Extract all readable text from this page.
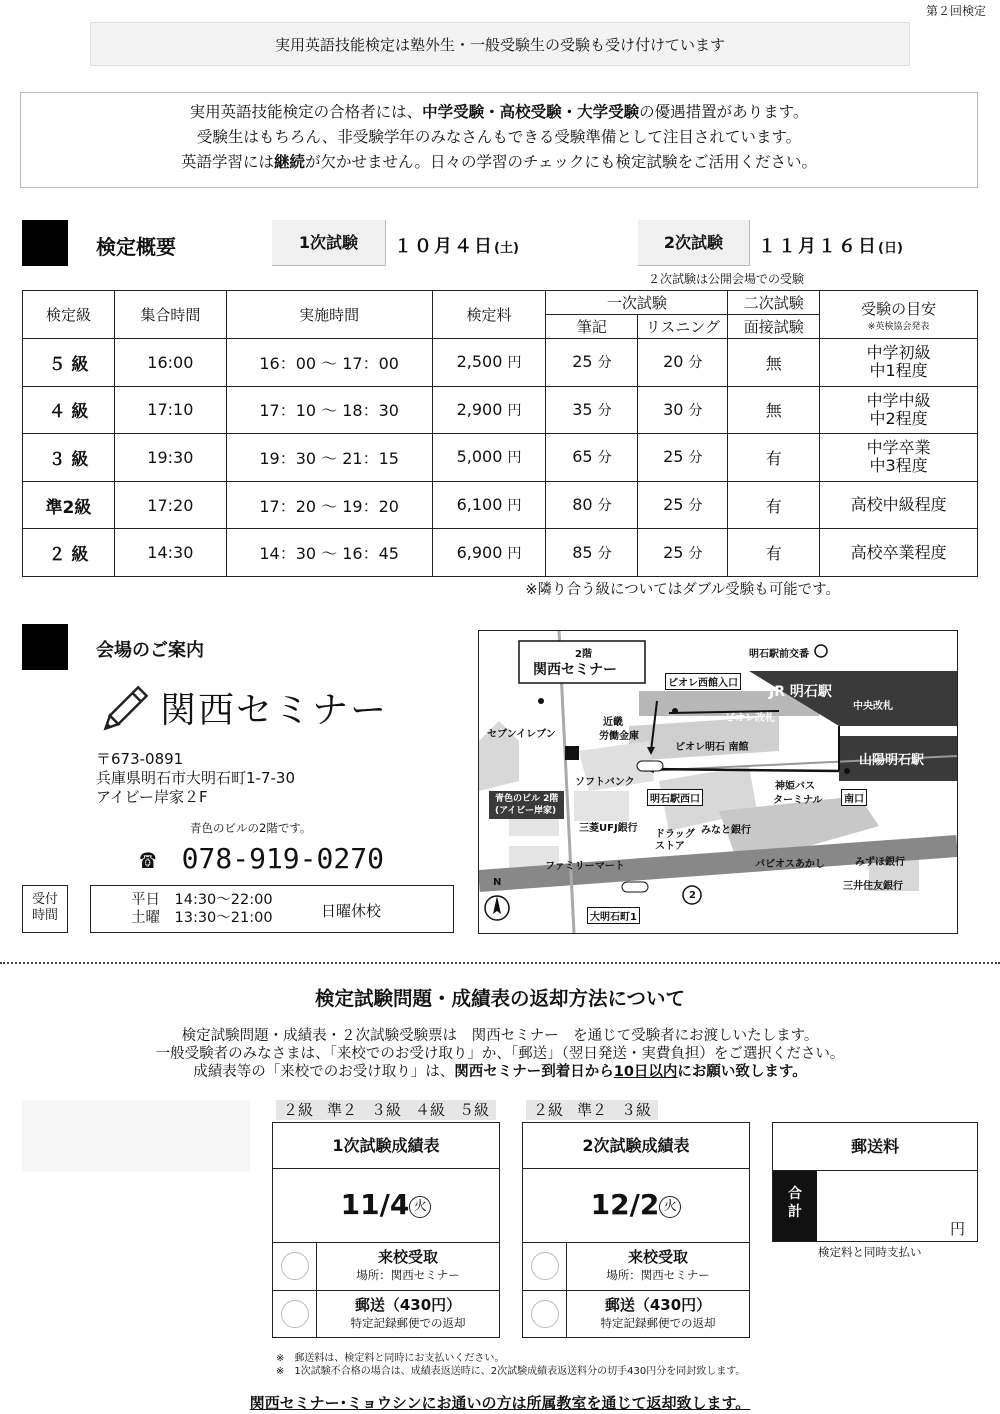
第２回検定
実用英語技能検定は塾外生・一般受験生の受験も受け付けています
実用英語技能検定の合格者には、中学受験・高校受験・大学受験の優遇措置があります。
受験生はもちろん、非受験学年のみなさんもできる受験準備として注目されています。
英語学習には継続が欠かせません。日々の学習のチェックにも検定試験をご活用ください。
検定概要	1次試験	１０月４日(土)	2次試験	１１月１６日(日)
２次試験は公開会場での受験
検定級	集合時間	実施時間	検定料	一次試験		二次試験	受験の目安
※英検協会発表

				筆記	リスニング	面接試験	
５ 級	16:00	16：00 ～ 17：00	2,500 円	25 分	20 分	無	中学初級
中1程度

４ 級	17:10	17：10 ～ 18：30	2,900 円	35 分	30 分	無	中学中級
中2程度

３ 級	19:30	19：30 ～ 21：15	5,000 円	65 分	25 分	有	中学卒業
中3程度

準2級	17:20	17：20 ～ 19：20	6,100 円	80 分	25 分	有	高校中級程度

２ 級	14:30	14：30 ～ 16：45	6,900 円	85 分	25 分	有	高校卒業程度
※隣り合う級についてはダブル受験も可能です。
会場のご案内
関西セミナー
〒673-0891
兵庫県明石市大明石町1-7-30
アイビー岸家２F
青色のビルの2階です。
☎ 078-919-0270
受付
時間
平日　14:30～22:00
土曜　13:30～21:00	日曜休校
2階
関西セミナー
明石駅前交番
ピオレ西館入口
JR 明石駅
セブンイレブン
近畿
労働金庫
ピオレ改札
中央改札
ピオレ明石 南館
山陽明石駅
ソフトバンク
明石駅西口
神姫バス
ターミナル	南口
青色のビル 2階
(アイビー岸家)
三菱UFJ銀行
ドラッグ
ストア
みなと銀行
みずほ銀行
ファミリーマート	パピオスあかし
三井住友銀行
N
2
国道２号線
大明石町1
検定試験問題・成績表の返却方法について
検定試験問題・成績表・２次試験受験票は　関西セミナー　を通じて受験者にお渡しいたします。
一般受験者のみなさまは、「来校でのお受け取り」か、「郵送」（翌日発送・実費負担）をご選択ください。
成績表等の「来校でのお受け取り」は、関西セミナー到着日から10日以内にお願い致します。
２級 準２ ３級 ４級 ５級
1次試験成績表
11/4 火
来校受取
場所：関西セミナー
郵送（430円）
特定記録郵便での返却
２級 準２ ３級
2次試験成績表
12/2 火
来校受取
場所：関西セミナー
郵送（430円）
特定記録郵便での返却
郵送料
合
計
円
検定料と同時支払い
※　郵送料は、検定料と同時にお支払いください。
※　1次試験不合格の場合は、成績表返送時に、2次試験成績表返送料分の切手430円分を同封致します。
関西セミナー･ミョウシンにお通いの方は所属教室を通じて返却致します。
